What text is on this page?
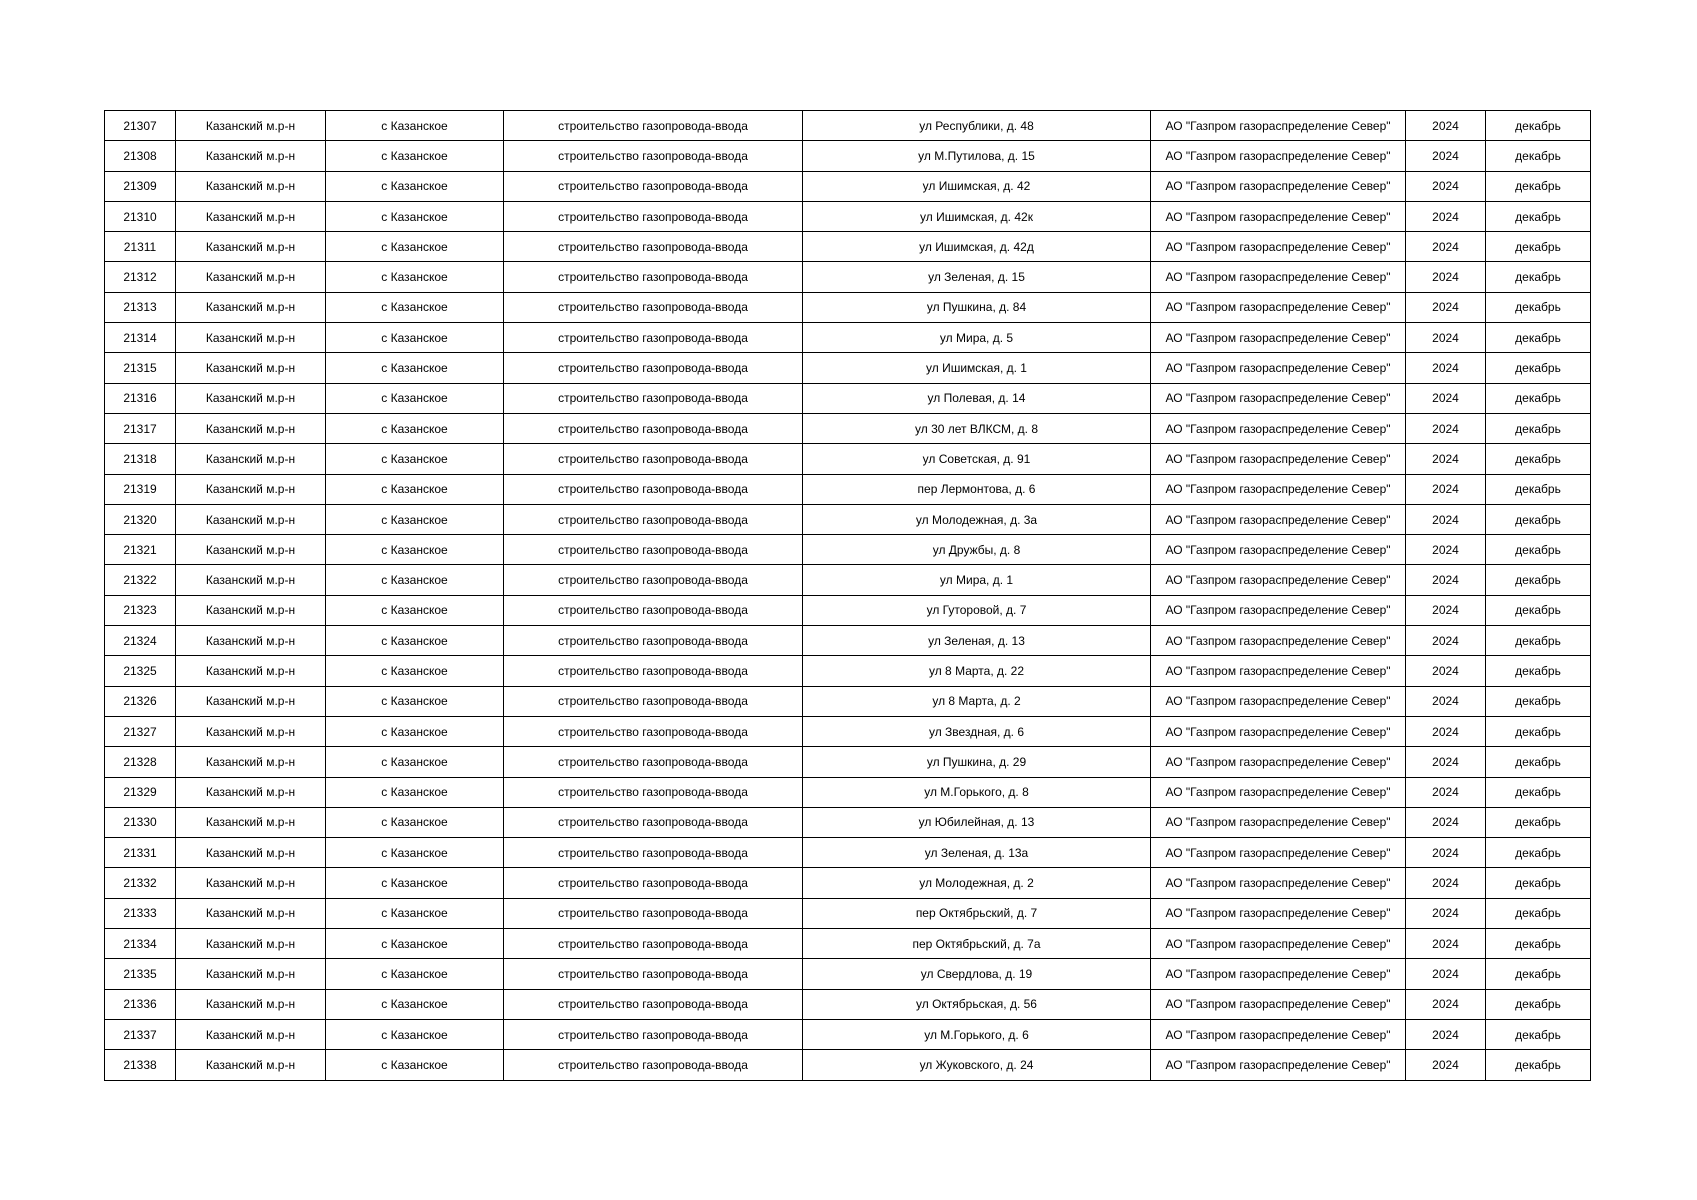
21307	Казанский м.р-н	с Казанское	строительство газопровода-ввода	ул Республики, д. 48	АО "Газпром газораспределение Север"	2024	декабрь
21308	Казанский м.р-н	с Казанское	строительство газопровода-ввода	ул М.Путилова, д. 15	АО "Газпром газораспределение Север"	2024	декабрь
21309	Казанский м.р-н	с Казанское	строительство газопровода-ввода	ул Ишимская, д. 42	АО "Газпром газораспределение Север"	2024	декабрь
21310	Казанский м.р-н	с Казанское	строительство газопровода-ввода	ул Ишимская, д. 42к	АО "Газпром газораспределение Север"	2024	декабрь
21311	Казанский м.р-н	с Казанское	строительство газопровода-ввода	ул Ишимская, д. 42д	АО "Газпром газораспределение Север"	2024	декабрь
21312	Казанский м.р-н	с Казанское	строительство газопровода-ввода	ул Зеленая, д. 15	АО "Газпром газораспределение Север"	2024	декабрь
21313	Казанский м.р-н	с Казанское	строительство газопровода-ввода	ул Пушкина, д. 84	АО "Газпром газораспределение Север"	2024	декабрь
21314	Казанский м.р-н	с Казанское	строительство газопровода-ввода	ул Мира, д. 5	АО "Газпром газораспределение Север"	2024	декабрь
21315	Казанский м.р-н	с Казанское	строительство газопровода-ввода	ул Ишимская, д. 1	АО "Газпром газораспределение Север"	2024	декабрь
21316	Казанский м.р-н	с Казанское	строительство газопровода-ввода	ул Полевая, д. 14	АО "Газпром газораспределение Север"	2024	декабрь
21317	Казанский м.р-н	с Казанское	строительство газопровода-ввода	ул 30 лет ВЛКСМ, д. 8	АО "Газпром газораспределение Север"	2024	декабрь
21318	Казанский м.р-н	с Казанское	строительство газопровода-ввода	ул Советская, д. 91	АО "Газпром газораспределение Север"	2024	декабрь
21319	Казанский м.р-н	с Казанское	строительство газопровода-ввода	пер Лермонтова, д. 6	АО "Газпром газораспределение Север"	2024	декабрь
21320	Казанский м.р-н	с Казанское	строительство газопровода-ввода	ул Молодежная, д. 3а	АО "Газпром газораспределение Север"	2024	декабрь
21321	Казанский м.р-н	с Казанское	строительство газопровода-ввода	ул Дружбы, д. 8	АО "Газпром газораспределение Север"	2024	декабрь
21322	Казанский м.р-н	с Казанское	строительство газопровода-ввода	ул Мира, д. 1	АО "Газпром газораспределение Север"	2024	декабрь
21323	Казанский м.р-н	с Казанское	строительство газопровода-ввода	ул Гуторовой, д. 7	АО "Газпром газораспределение Север"	2024	декабрь
21324	Казанский м.р-н	с Казанское	строительство газопровода-ввода	ул Зеленая, д. 13	АО "Газпром газораспределение Север"	2024	декабрь
21325	Казанский м.р-н	с Казанское	строительство газопровода-ввода	ул 8 Марта, д. 22	АО "Газпром газораспределение Север"	2024	декабрь
21326	Казанский м.р-н	с Казанское	строительство газопровода-ввода	ул 8 Марта, д. 2	АО "Газпром газораспределение Север"	2024	декабрь
21327	Казанский м.р-н	с Казанское	строительство газопровода-ввода	ул Звездная, д. 6	АО "Газпром газораспределение Север"	2024	декабрь
21328	Казанский м.р-н	с Казанское	строительство газопровода-ввода	ул Пушкина, д. 29	АО "Газпром газораспределение Север"	2024	декабрь
21329	Казанский м.р-н	с Казанское	строительство газопровода-ввода	ул М.Горького, д. 8	АО "Газпром газораспределение Север"	2024	декабрь
21330	Казанский м.р-н	с Казанское	строительство газопровода-ввода	ул Юбилейная, д. 13	АО "Газпром газораспределение Север"	2024	декабрь
21331	Казанский м.р-н	с Казанское	строительство газопровода-ввода	ул Зеленая, д. 13а	АО "Газпром газораспределение Север"	2024	декабрь
21332	Казанский м.р-н	с Казанское	строительство газопровода-ввода	ул Молодежная, д. 2	АО "Газпром газораспределение Север"	2024	декабрь
21333	Казанский м.р-н	с Казанское	строительство газопровода-ввода	пер Октябрьский, д. 7	АО "Газпром газораспределение Север"	2024	декабрь
21334	Казанский м.р-н	с Казанское	строительство газопровода-ввода	пер Октябрьский, д. 7а	АО "Газпром газораспределение Север"	2024	декабрь
21335	Казанский м.р-н	с Казанское	строительство газопровода-ввода	ул Свердлова, д. 19	АО "Газпром газораспределение Север"	2024	декабрь
21336	Казанский м.р-н	с Казанское	строительство газопровода-ввода	ул Октябрьская, д. 56	АО "Газпром газораспределение Север"	2024	декабрь
21337	Казанский м.р-н	с Казанское	строительство газопровода-ввода	ул М.Горького, д. 6	АО "Газпром газораспределение Север"	2024	декабрь
21338	Казанский м.р-н	с Казанское	строительство газопровода-ввода	ул Жуковского, д. 24	АО "Газпром газораспределение Север"	2024	декабрь
